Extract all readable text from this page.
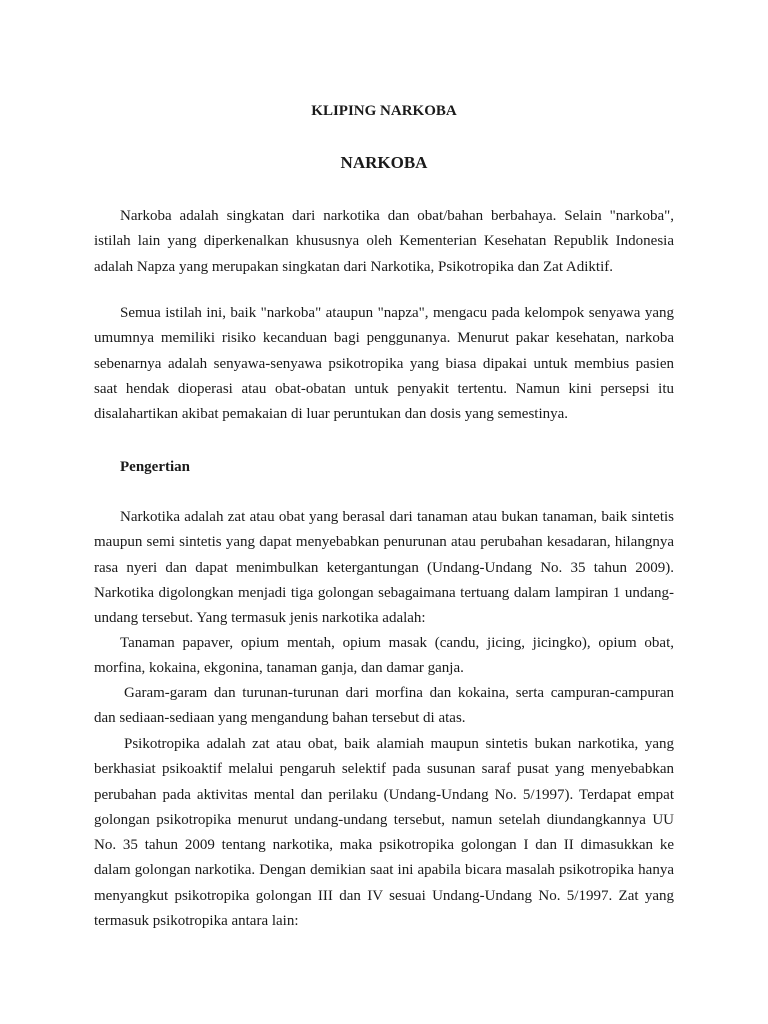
KLIPING NARKOBA
NARKOBA

Narkoba adalah singkatan dari narkotika dan obat/bahan berbahaya. Selain "narkoba", istilah lain yang diperkenalkan khususnya oleh Kementerian Kesehatan Republik Indonesia adalah Napza yang merupakan singkatan dari Narkotika, Psikotropika dan Zat Adiktif.

Semua istilah ini, baik "narkoba" ataupun "napza", mengacu pada kelompok senyawa yang umumnya memiliki risiko kecanduan bagi penggunanya. Menurut pakar kesehatan, narkoba sebenarnya adalah senyawa-senyawa psikotropika yang biasa dipakai untuk membius pasien saat hendak dioperasi atau obat-obatan untuk penyakit tertentu. Namun kini persepsi itu disalahartikan akibat pemakaian di luar peruntukan dan dosis yang semestinya.

Pengertian

Narkotika adalah zat atau obat yang berasal dari tanaman atau bukan tanaman, baik sintetis maupun semi sintetis yang dapat menyebabkan penurunan atau perubahan kesadaran, hilangnya rasa nyeri dan dapat menimbulkan ketergantungan (Undang-Undang No. 35 tahun 2009). Narkotika digolongkan menjadi tiga golongan sebagaimana tertuang dalam lampiran 1 undang-undang tersebut. Yang termasuk jenis narkotika adalah:

Tanaman papaver, opium mentah, opium masak (candu, jicing, jicingko), opium obat, morfina, kokaina, ekgonina, tanaman ganja, dan damar ganja.

Garam-garam dan turunan-turunan dari morfina dan kokaina, serta campuran-campuran dan sediaan-sediaan yang mengandung bahan tersebut di atas.

Psikotropika adalah zat atau obat, baik alamiah maupun sintetis bukan narkotika, yang berkhasiat psikoaktif melalui pengaruh selektif pada susunan saraf pusat yang menyebabkan perubahan pada aktivitas mental dan perilaku (Undang-Undang No. 5/1997). Terdapat empat golongan psikotropika menurut undang-undang tersebut, namun setelah diundangkannya UU No. 35 tahun 2009 tentang narkotika, maka psikotropika golongan I dan II dimasukkan ke dalam golongan narkotika. Dengan demikian saat ini apabila bicara masalah psikotropika hanya menyangkut psikotropika golongan III dan IV sesuai Undang-Undang No. 5/1997. Zat yang termasuk psikotropika antara lain:
